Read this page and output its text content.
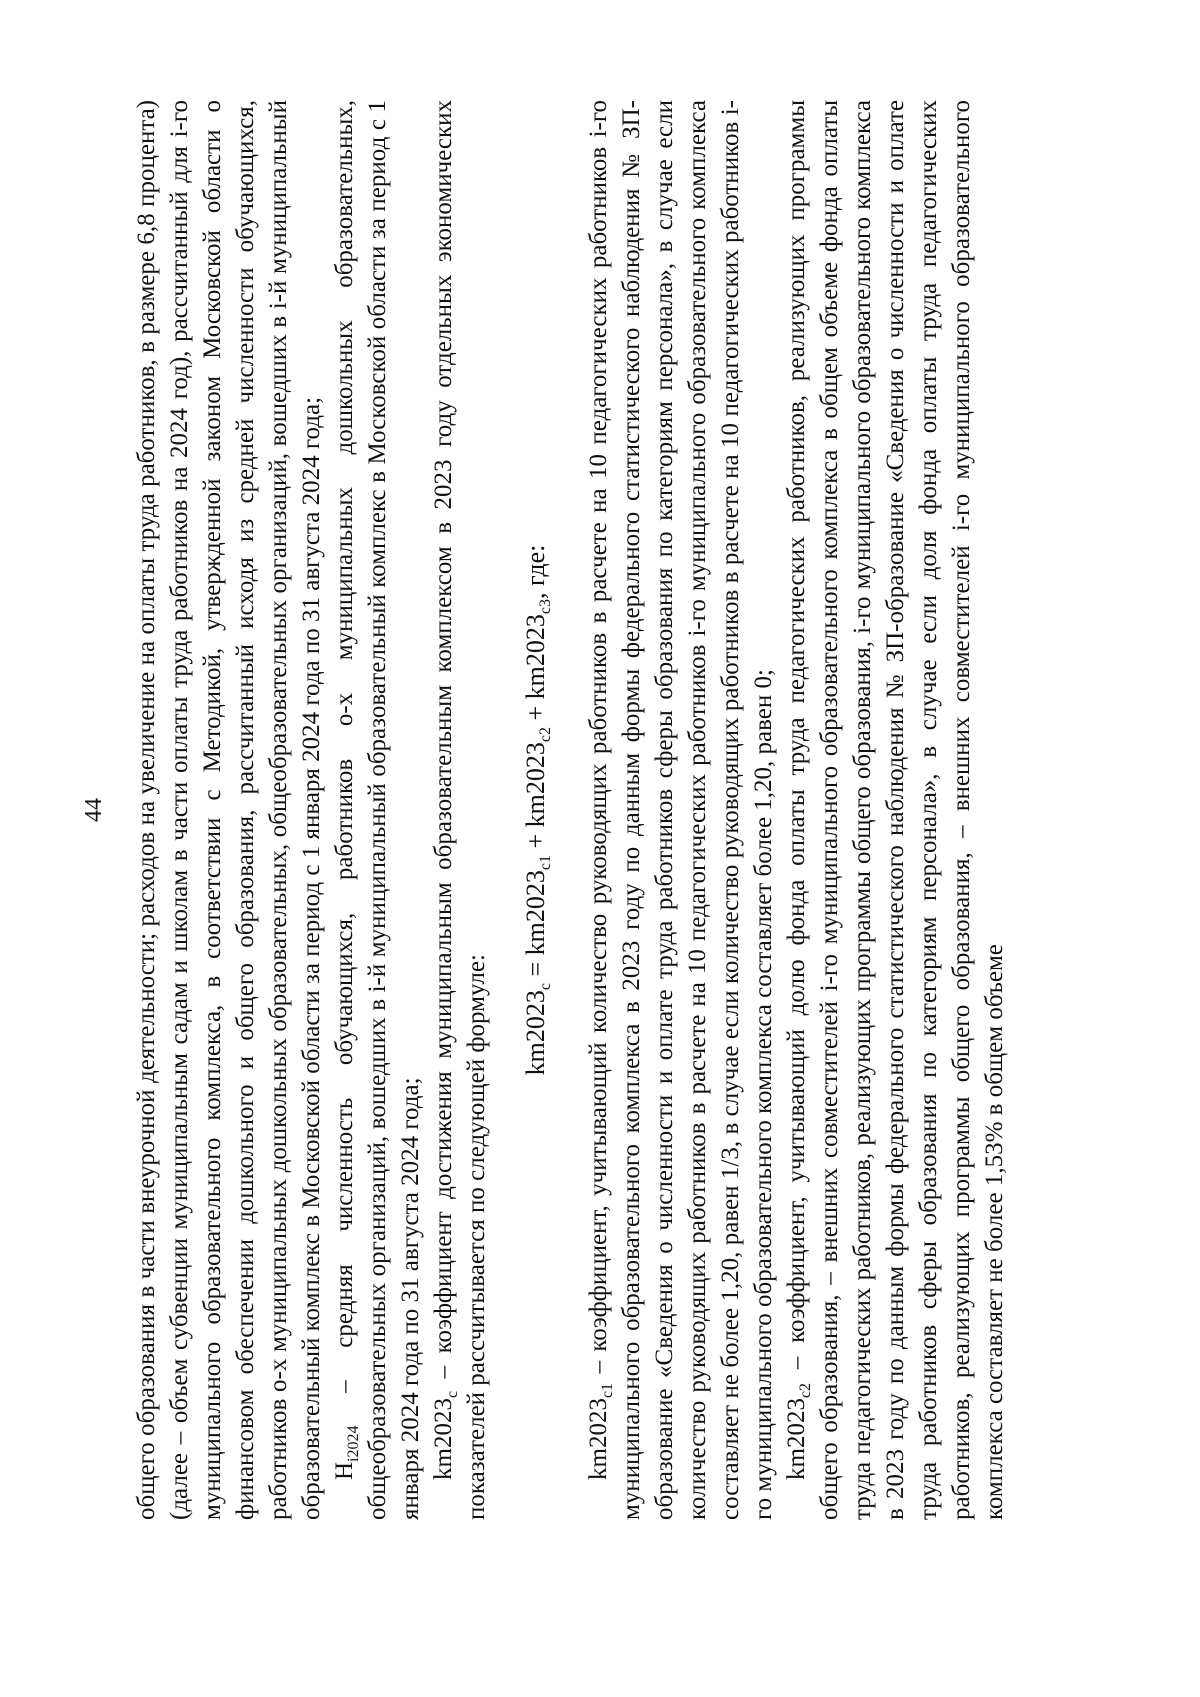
44 общего образования в части внеурочной деятельности; расходов на увеличение на оплаты труда работников, в размере 6,8 процента) (далее – объем субвенции муниципальным садам и школам в части оплаты труда работников на 2024 год), рассчитанный для i-го муниципального образовательного комплекса, в соответствии с Методикой, утвержденной законом Московской области о финансовом обеспечении дошкольного и общего образования, рассчитанный исходя из средней численности обучающихся, работников о-х муниципальных дошкольных образовательных, общеобразовательных организаций, вошедших в i-й муниципальный образовательный комплекс в Московской области за период с 1 января 2024 года по 31 августа 2024 года; $Н_{i2024}$ – средняя численность обучающихся, работников о-х муниципальных дошкольных образовательных, общеобразовательных организаций, вошедших в i-й муниципальный образовательный комплекс в Московской области за период с 1 января 2024 года по 31 августа 2024 года; $km2023_c$ – коэффициент достижения муниципальным образовательным комплексом в 2023 году отдельных экономических показателей рассчитывается по следующей формуле: $km2023_c = km2023_{c1} + km2023_{c2} + km2023_{c3}$, где:

$km2023_{c1}$ – коэффициент, учитывающий количество руководящих работников в расчете на 10 педагогических работников i-го муниципального образовательного комплекса в 2023 году по данным формы федерального статистического наблюдения № ЗП-образование «Сведения о численности и оплате труда работников сферы образования по категориям персонала», в случае если количество руководящих работников в расчете на 10 педагогических работников i-го муниципального образовательного комплекса составляет не более 1,20, равен 1/3, в случае если количество руководящих работников в расчете на 10 педагогических работников i-го муниципального образовательного комплекса составляет более 1,20, равен 0; $km2023_{c2}$ – коэффициент, учитывающий долю фонда оплаты труда педагогических работников, реализующих программы общего образования, – внешних совместителей i-го муниципального образовательного комплекса в общем объеме фонда оплаты труда педагогических работников, реализующих программы общего образования, i-го муниципального образовательного комплекса в 2023 году по данным формы федерального статистического наблюдения № ЗП-образование «Сведения о численности и оплате труда работников сферы образования по категориям персонала», в случае если доля фонда оплаты труда педагогических работников, реализующих программы общего образования, – внешних совместителей i-го муниципального образовательного комплекса составляет не более 1,53% в общем объеме
